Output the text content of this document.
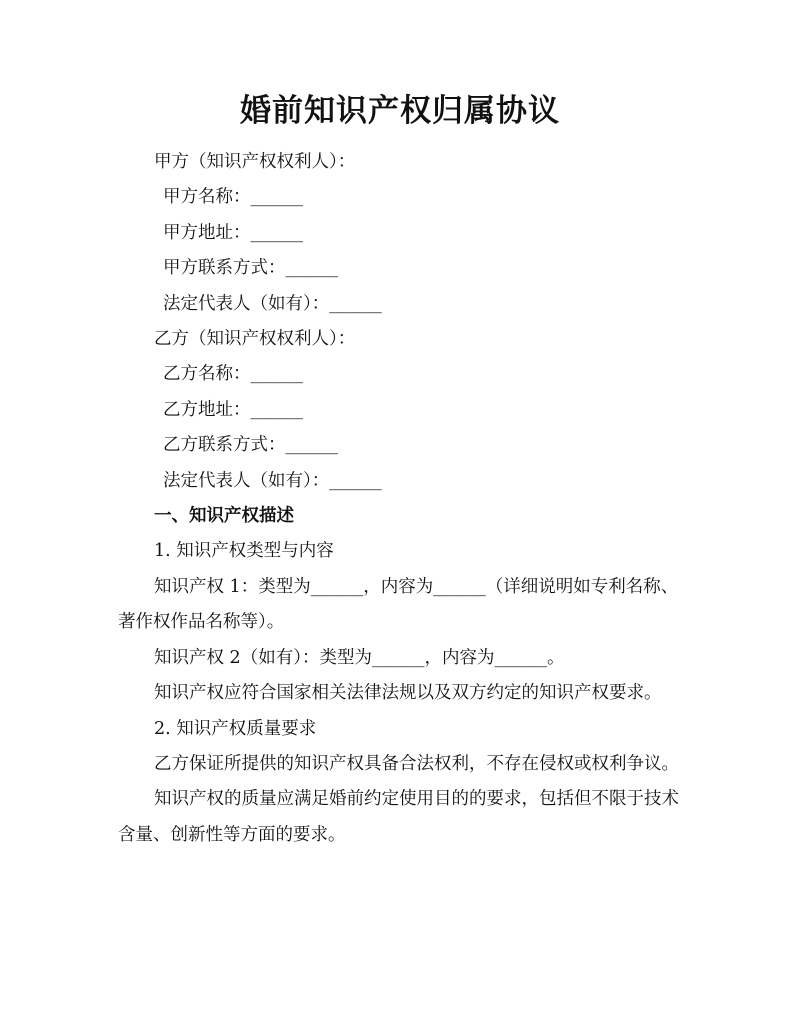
婚前知识产权归属协议
甲方（知识产权权利人）：
甲方名称：______
甲方地址：______
甲方联系方式：______
法定代表人（如有）：______
乙方（知识产权权利人）：
乙方名称：______
乙方地址：______
乙方联系方式：______
法定代表人（如有）：______
一、知识产权描述
1. 知识产权类型与内容
知识产权 1：类型为______，内容为______（详细说明如专利名称、著作权作品名称等）。
知识产权 2（如有）：类型为______，内容为______。
知识产权应符合国家相关法律法规以及双方约定的知识产权要求。
2. 知识产权质量要求
乙方保证所提供的知识产权具备合法权利，不存在侵权或权利争议。
知识产权的质量应满足婚前约定使用目的的要求，包括但不限于技术含量、创新性等方面的要求。
